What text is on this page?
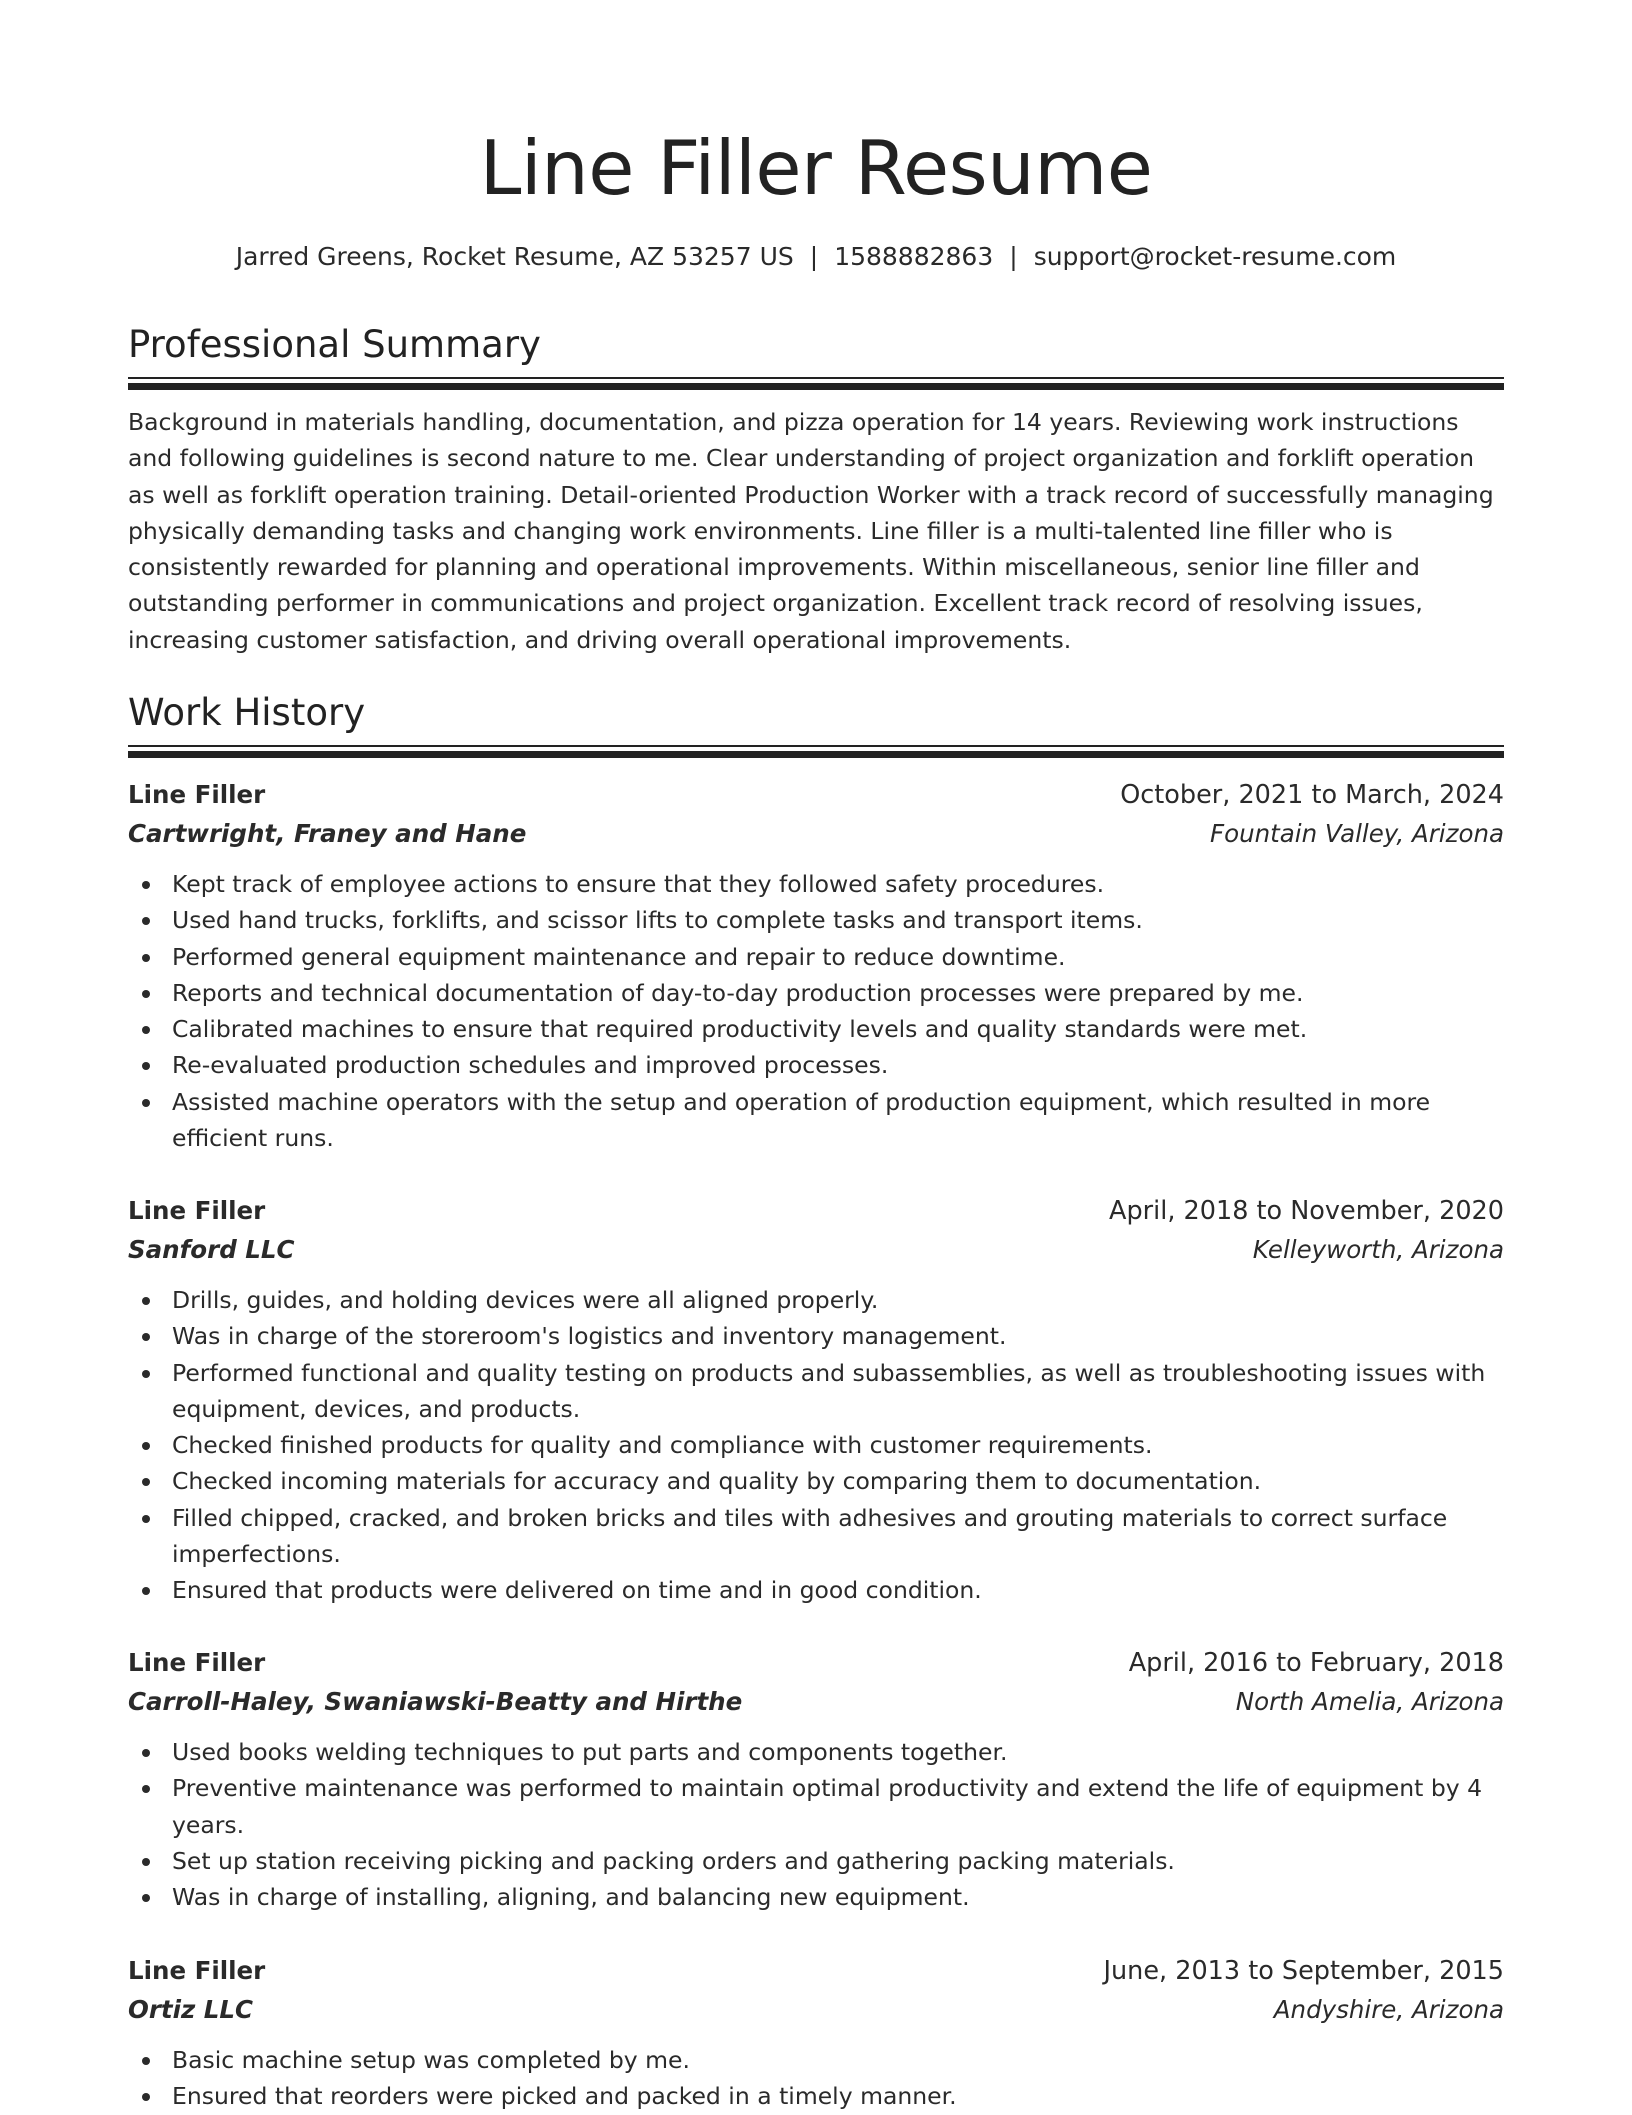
Line Filler Resume
Jarred Greens, Rocket Resume, AZ 53257 US | 1588882863 | support@rocket-resume.com
Professional Summary

Background in materials handling, documentation, and pizza operation for 14 years. Reviewing work instructions and following guidelines is second nature to me. Clear understanding of project organization and forklift operation as well as forklift operation training. Detail-oriented Production Worker with a track record of successfully managing physically demanding tasks and changing work environments. Line filler is a multi-talented line filler who is consistently rewarded for planning and operational improvements. Within miscellaneous, senior line filler and outstanding performer in communications and project organization. Excellent track record of resolving issues, increasing customer satisfaction, and driving overall operational improvements.

Work History
Line Filler	October, 2021 to March, 2024
Cartwright, Franey and Hane	Fountain Valley, Arizona
Kept track of employee actions to ensure that they followed safety procedures.
Used hand trucks, forklifts, and scissor lifts to complete tasks and transport items.
Performed general equipment maintenance and repair to reduce downtime.
Reports and technical documentation of day-to-day production processes were prepared by me.
Calibrated machines to ensure that required productivity levels and quality standards were met.
Re-evaluated production schedules and improved processes.
Assisted machine operators with the setup and operation of production equipment, which resulted in more efficient runs.
Line Filler	April, 2018 to November, 2020
Sanford LLC	Kelleyworth, Arizona
Drills, guides, and holding devices were all aligned properly.
Was in charge of the storeroom's logistics and inventory management.
Performed functional and quality testing on products and subassemblies, as well as troubleshooting issues with equipment, devices, and products.
Checked finished products for quality and compliance with customer requirements.
Checked incoming materials for accuracy and quality by comparing them to documentation.
Filled chipped, cracked, and broken bricks and tiles with adhesives and grouting materials to correct surface imperfections.
Ensured that products were delivered on time and in good condition.
Line Filler	April, 2016 to February, 2018
Carroll-Haley, Swaniawski-Beatty and Hirthe	North Amelia, Arizona
Used books welding techniques to put parts and components together.
Preventive maintenance was performed to maintain optimal productivity and extend the life of equipment by 4 years.
Set up station receiving picking and packing orders and gathering packing materials.
Was in charge of installing, aligning, and balancing new equipment.
Line Filler	June, 2013 to September, 2015
Ortiz LLC	Andyshire, Arizona
Basic machine setup was completed by me.
Ensured that reorders were picked and packed in a timely manner.
